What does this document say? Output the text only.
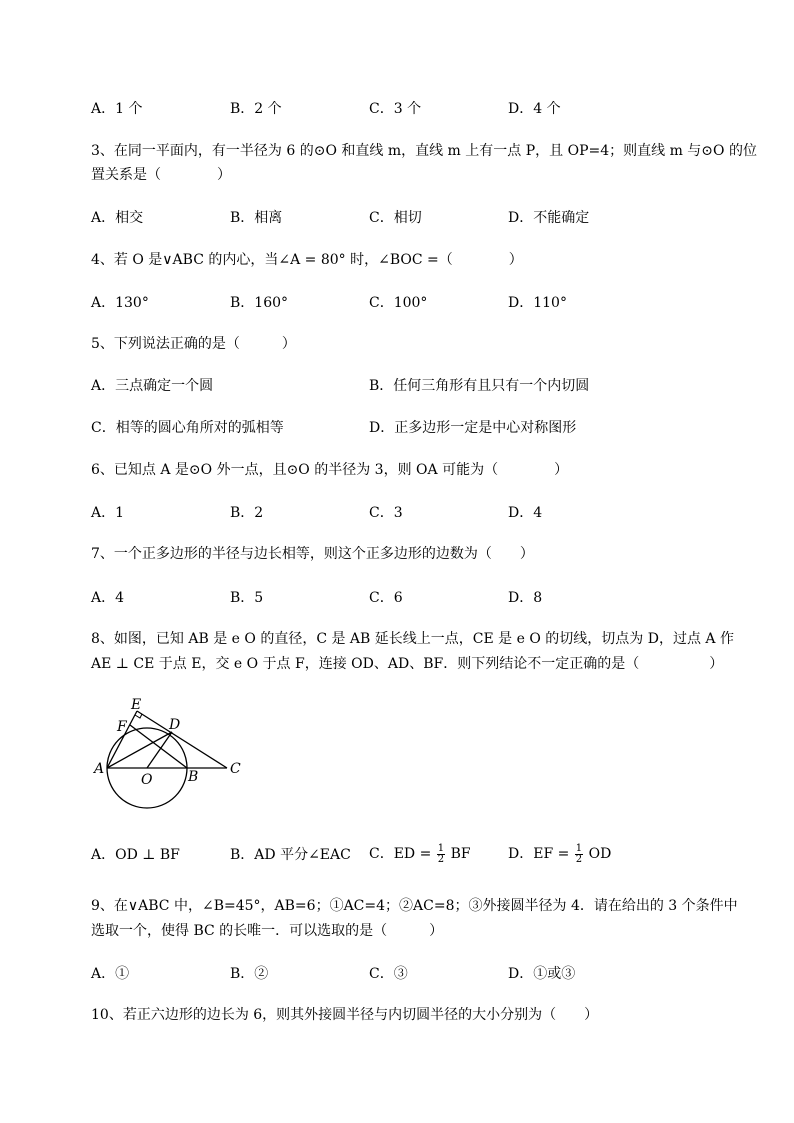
A．1 个	B．2 个	C．3 个	D．4 个
3、在同一平面内，有一半径为 6 的⊙O 和直线 m，直线 m 上有一点 P，且 OP=4；则直线 m 与⊙O 的位
置关系是（　　　　）
A．相交	B．相离	C．相切	D．不能确定
4、若 O 是∨ABC 的内心，当∠A = 80° 时，∠BOC =（　　　　）
A．130°	B．160°	C．100°	D．110°
5、下列说法正确的是（　　　）
A．三点确定一个圆	B．任何三角形有且只有一个内切圆
C．相等的圆心角所对的弧相等	D．正多边形一定是中心对称图形
6、已知点 A 是⊙O 外一点，且⊙O 的半径为 3，则 OA 可能为（　　　　）
A．1	B．2	C．3	D．4
7、一个正多边形的半径与边长相等，则这个正多边形的边数为（　　）
A．4	B．5	C．6	D．8
8、如图，已知 AB 是 e O 的直径，C 是 AB 延长线上一点，CE 是 e O 的切线，切点为 D，过点 A 作
AE ⊥ CE 于点 E，交 e O 于点 F，连接 OD、AD、BF．则下列结论不一定正确的是（　　　　　）
E
F	D
A
O	B C
A．OD ⊥ BF	B．AD 平分∠EAC C．ED = $\frac{1}{2}$ BF	D．EF = $\frac{1}{2}$ OD
9、在∨ABC 中，∠B=45°，AB=6；①AC=4；②AC=8；③外接圆半径为 4．请在给出的 3 个条件中
选取一个，使得 BC 的长唯一．可以选取的是（　　　）
A．①	B．②	C．③	D．①或③
10、若正六边形的边长为 6，则其外接圆半径与内切圆半径的大小分别为（　　）
